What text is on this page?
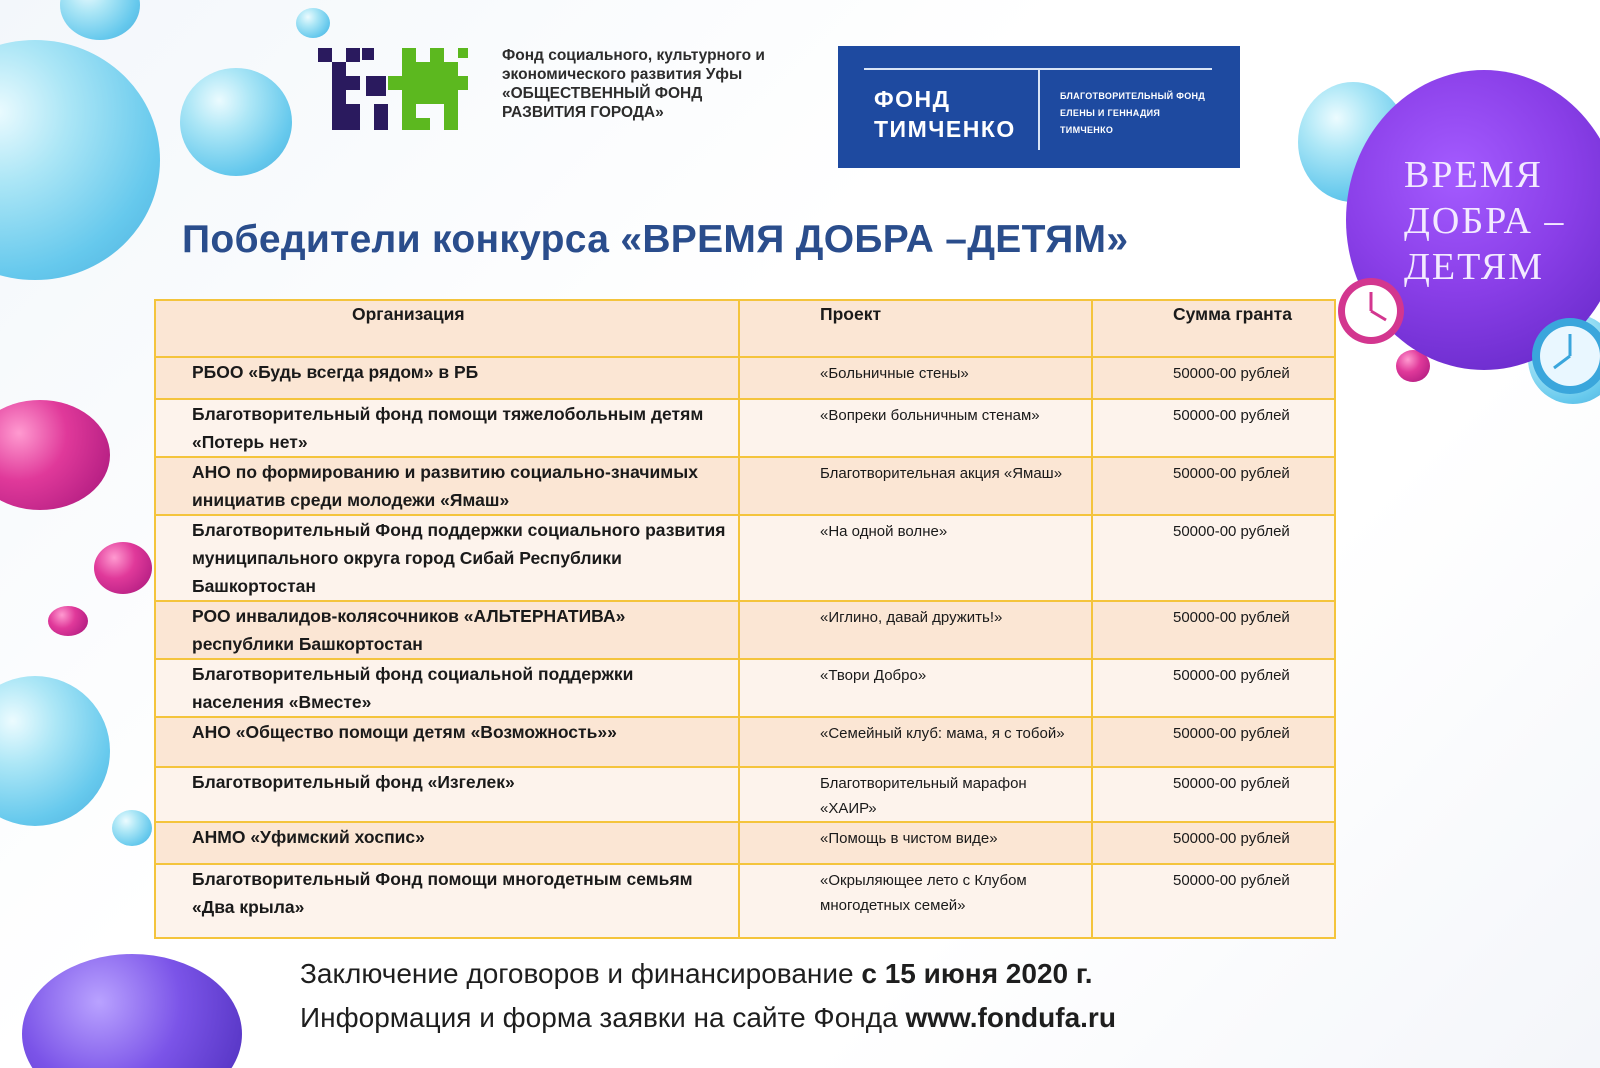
Фонд социального, культурного и
экономического развития Уфы
«ОБЩЕСТВЕННЫЙ ФОНД
РАЗВИТИЯ ГОРОДА»
ФОНД
ТИМЧЕНКО
БЛАГОТВОРИТЕЛЬНЫЙ ФОНД
ЕЛЕНЫ И ГЕННАДИЯ
ТИМЧЕНКО
ВРЕМЯ
ДОБРА –
ДЕТЯМ
Победители конкурса «ВРЕМЯ ДОБРА –ДЕТЯМ»
Организация	Проект	Сумма гранта
РБОО «Будь всегда рядом» в РБ	«Больничные стены»	50000-00 рублей
Благотворительный фонд помощи тяжелобольным детям «Потерь нет»	«Вопреки больничным стенам»	50000-00 рублей
АНО по формированию и развитию социально-значимых инициатив среди молодежи «Ямаш»	Благотворительная акция «Ямаш»	50000-00 рублей
Благотворительный Фонд поддержки социального развития муниципального округа город Сибай Республики Башкортостан	«На одной волне»	50000-00 рублей
РОО инвалидов-колясочников «АЛЬТЕРНАТИВА» республики Башкортостан	«Иглино, давай дружить!»	50000-00 рублей
Благотворительный фонд социальной поддержки населения «Вместе»	«Твори Добро»	50000-00 рублей
АНО «Общество помощи детям «Возможность»»	«Семейный клуб: мама, я с тобой»	50000-00 рублей
Благотворительный фонд «Изгелек»	Благотворительный марафон «ХАИР»	50000-00 рублей
АНМО «Уфимский хоспис»	«Помощь в чистом виде»	50000-00 рублей
Благотворительный Фонд помощи многодетным семьям «Два крыла»	«Окрыляющее лето с Клубом многодетных семей»	50000-00 рублей
Заключение договоров и финансирование с 15 июня 2020 г.
Информация и форма заявки на сайте Фонда www.fondufa.ru
